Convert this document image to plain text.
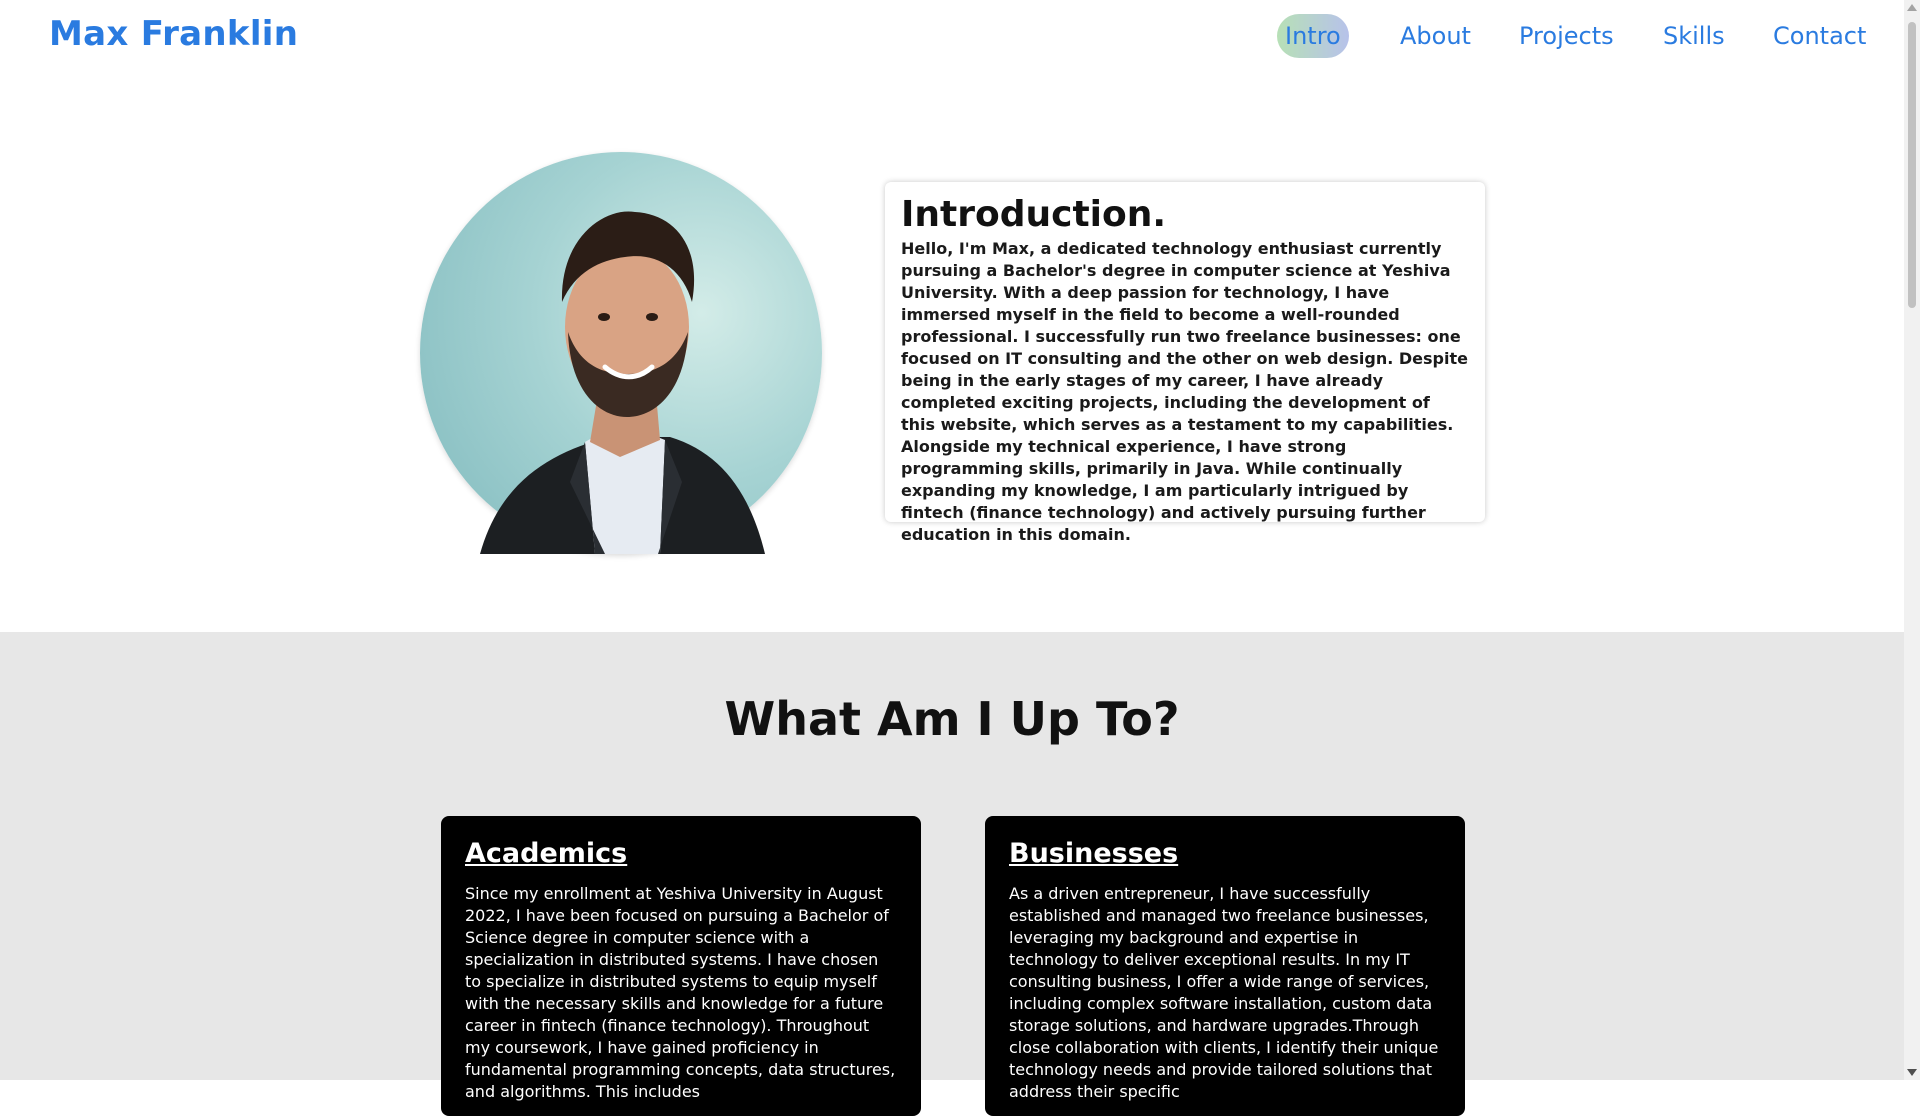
Max Franklin	Intro	About Projects Skills Contact
Introduction.

Hello, I'm Max, a dedicated technology enthusiast currently pursuing a Bachelor's degree in computer science at Yeshiva University. With a deep passion for technology, I have immersed myself in the field to become a well-rounded professional. I successfully run two freelance businesses: one focused on IT consulting and the other on web design. Despite being in the early stages of my career, I have already completed exciting projects, including the development of this website, which serves as a testament to my capabilities. Alongside my technical experience, I have strong programming skills, primarily in Java. While continually expanding my knowledge, I am particularly intrigued by fintech (finance technology) and actively pursuing further education in this domain.

What Am I Up To?
Academics

Since my enrollment at Yeshiva University in August 2022, I have been focused on pursuing a Bachelor of Science degree in computer science with a specialization in distributed systems. I have chosen to specialize in distributed systems to equip myself with the necessary skills and knowledge for a future career in fintech (finance technology). Throughout my coursework, I have gained proficiency in fundamental programming concepts, data structures, and algorithms. This includes

Businesses

As a driven entrepreneur, I have successfully established and managed two freelance businesses, leveraging my background and expertise in technology to deliver exceptional results. In my IT consulting business, I offer a wide range of services, including complex software installation, custom data storage solutions, and hardware upgrades.Through close collaboration with clients, I identify their unique technology needs and provide tailored solutions that address their specific
